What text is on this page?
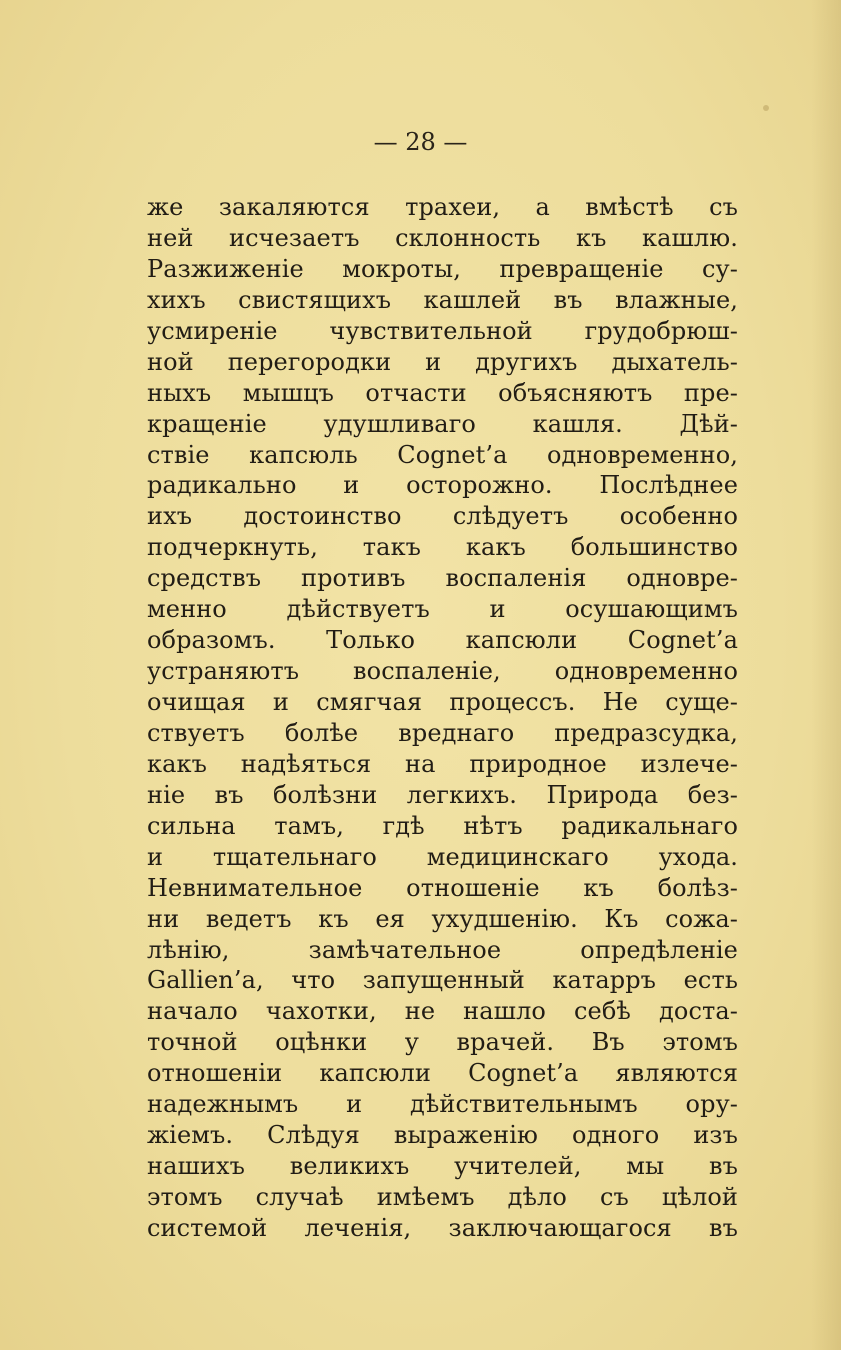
— 28 —

же закаляются трахеи, а вмѣстѣ съ
ней исчезаетъ склонность къ кашлю.
Разжиженіе мокроты, превращеніе су-
хихъ свистящихъ кашлей въ влажные,
усмиреніе чувствительной грудобрюш-
ной перегородки и другихъ дыхатель-
ныхъ мышцъ отчасти объясняютъ пре-
кращеніе удушливаго кашля. Дѣй-
ствіе капсюль Cognet’a одновременно,
радикально и осторожно. Послѣднее
ихъ достоинство слѣдуетъ особенно
подчеркнуть, такъ какъ большинство
средствъ противъ воспаленія одновре-
менно дѣйствуетъ и осушающимъ
образомъ. Только капсюли Cognet’a
устраняютъ воспаленіе, одновременно
очищая и смягчая процессъ. Не суще-
ствуетъ болѣе вреднаго предразсудка,
какъ надѣяться на природное излече-
ніе въ болѣзни легкихъ. Природа без-
сильна тамъ, гдѣ нѣтъ радикальнаго
и тщательнаго медицинскаго ухода.
Невнимательное отношеніе къ болѣз-
ни ведетъ къ ея ухудшенію. Къ сожа-
лѣнію, замѣчательное опредѣленіе
Gallien’a, что запущенный катарръ есть
начало чахотки, не нашло себѣ доста-
точной оцѣнки у врачей. Въ этомъ
отношеніи капсюли Cognet’a являются
надежнымъ и дѣйствительнымъ ору-
жіемъ. Слѣдуя выраженію одного изъ
нашихъ великихъ учителей, мы въ
этомъ случаѣ имѣемъ дѣло съ цѣлой
системой леченія, заключающагося въ
